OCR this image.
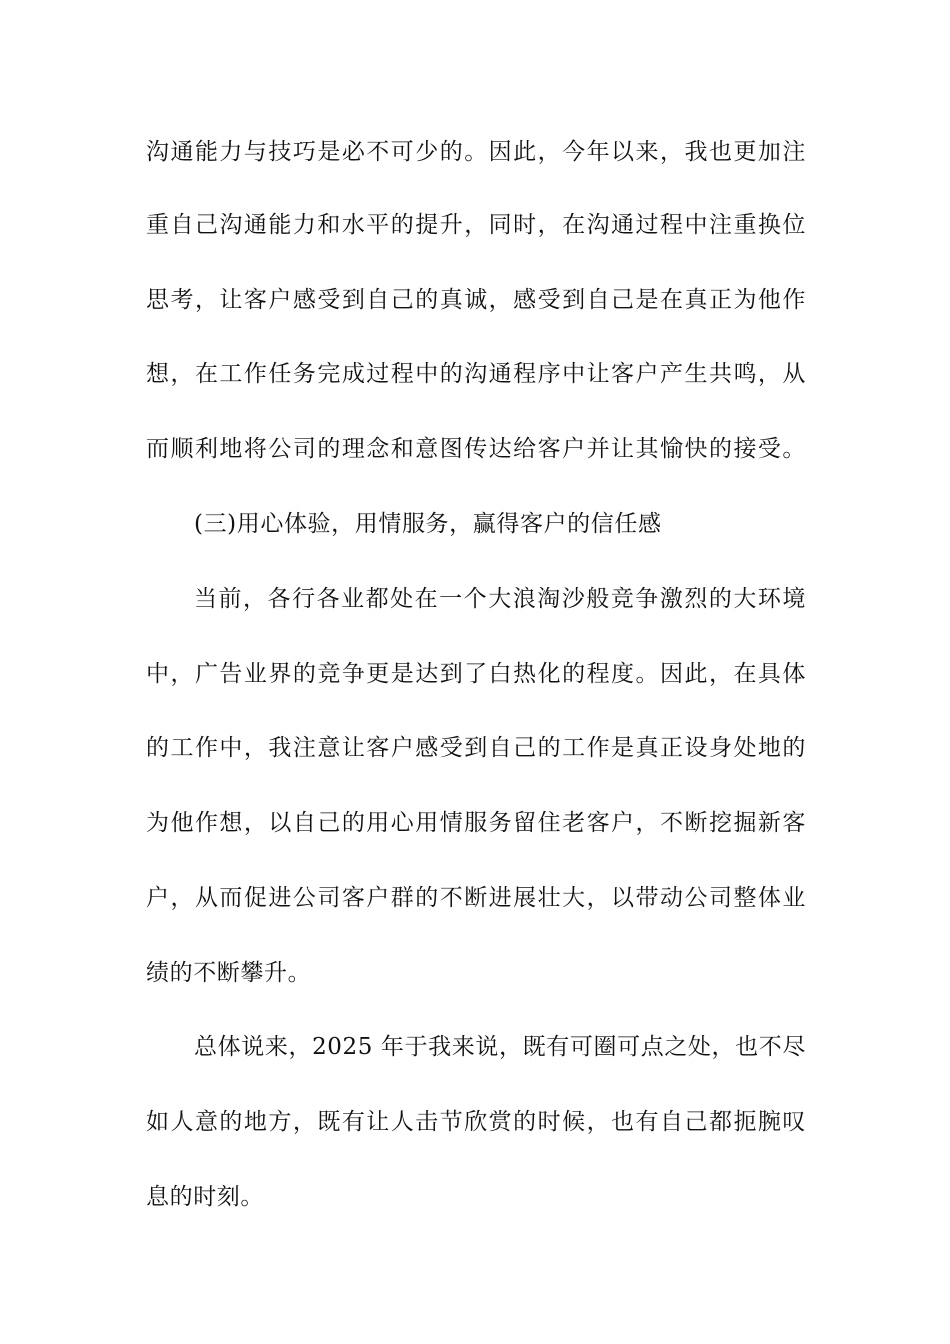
沟通能力与技巧是必不可少的。因此，今年以来，我也更加注
重自己沟通能力和水平的提升，同时，在沟通过程中注重换位
思考，让客户感受到自己的真诚，感受到自己是在真正为他作
想，在工作任务完成过程中的沟通程序中让客户产生共鸣，从
而顺利地将公司的理念和意图传达给客户并让其愉快的接受。
(三)用心体验，用情服务，赢得客户的信任感
当前，各行各业都处在一个大浪淘沙般竞争激烈的大环境
中，广告业界的竞争更是达到了白热化的程度。因此，在具体
的工作中，我注意让客户感受到自己的工作是真正设身处地的
为他作想，以自己的用心用情服务留住老客户，不断挖掘新客
户，从而促进公司客户群的不断进展壮大，以带动公司整体业
绩的不断攀升。
总体说来，2025 年于我来说，既有可圈可点之处，也不尽
如人意的地方，既有让人击节欣赏的时候，也有自己都扼腕叹
息的时刻。
